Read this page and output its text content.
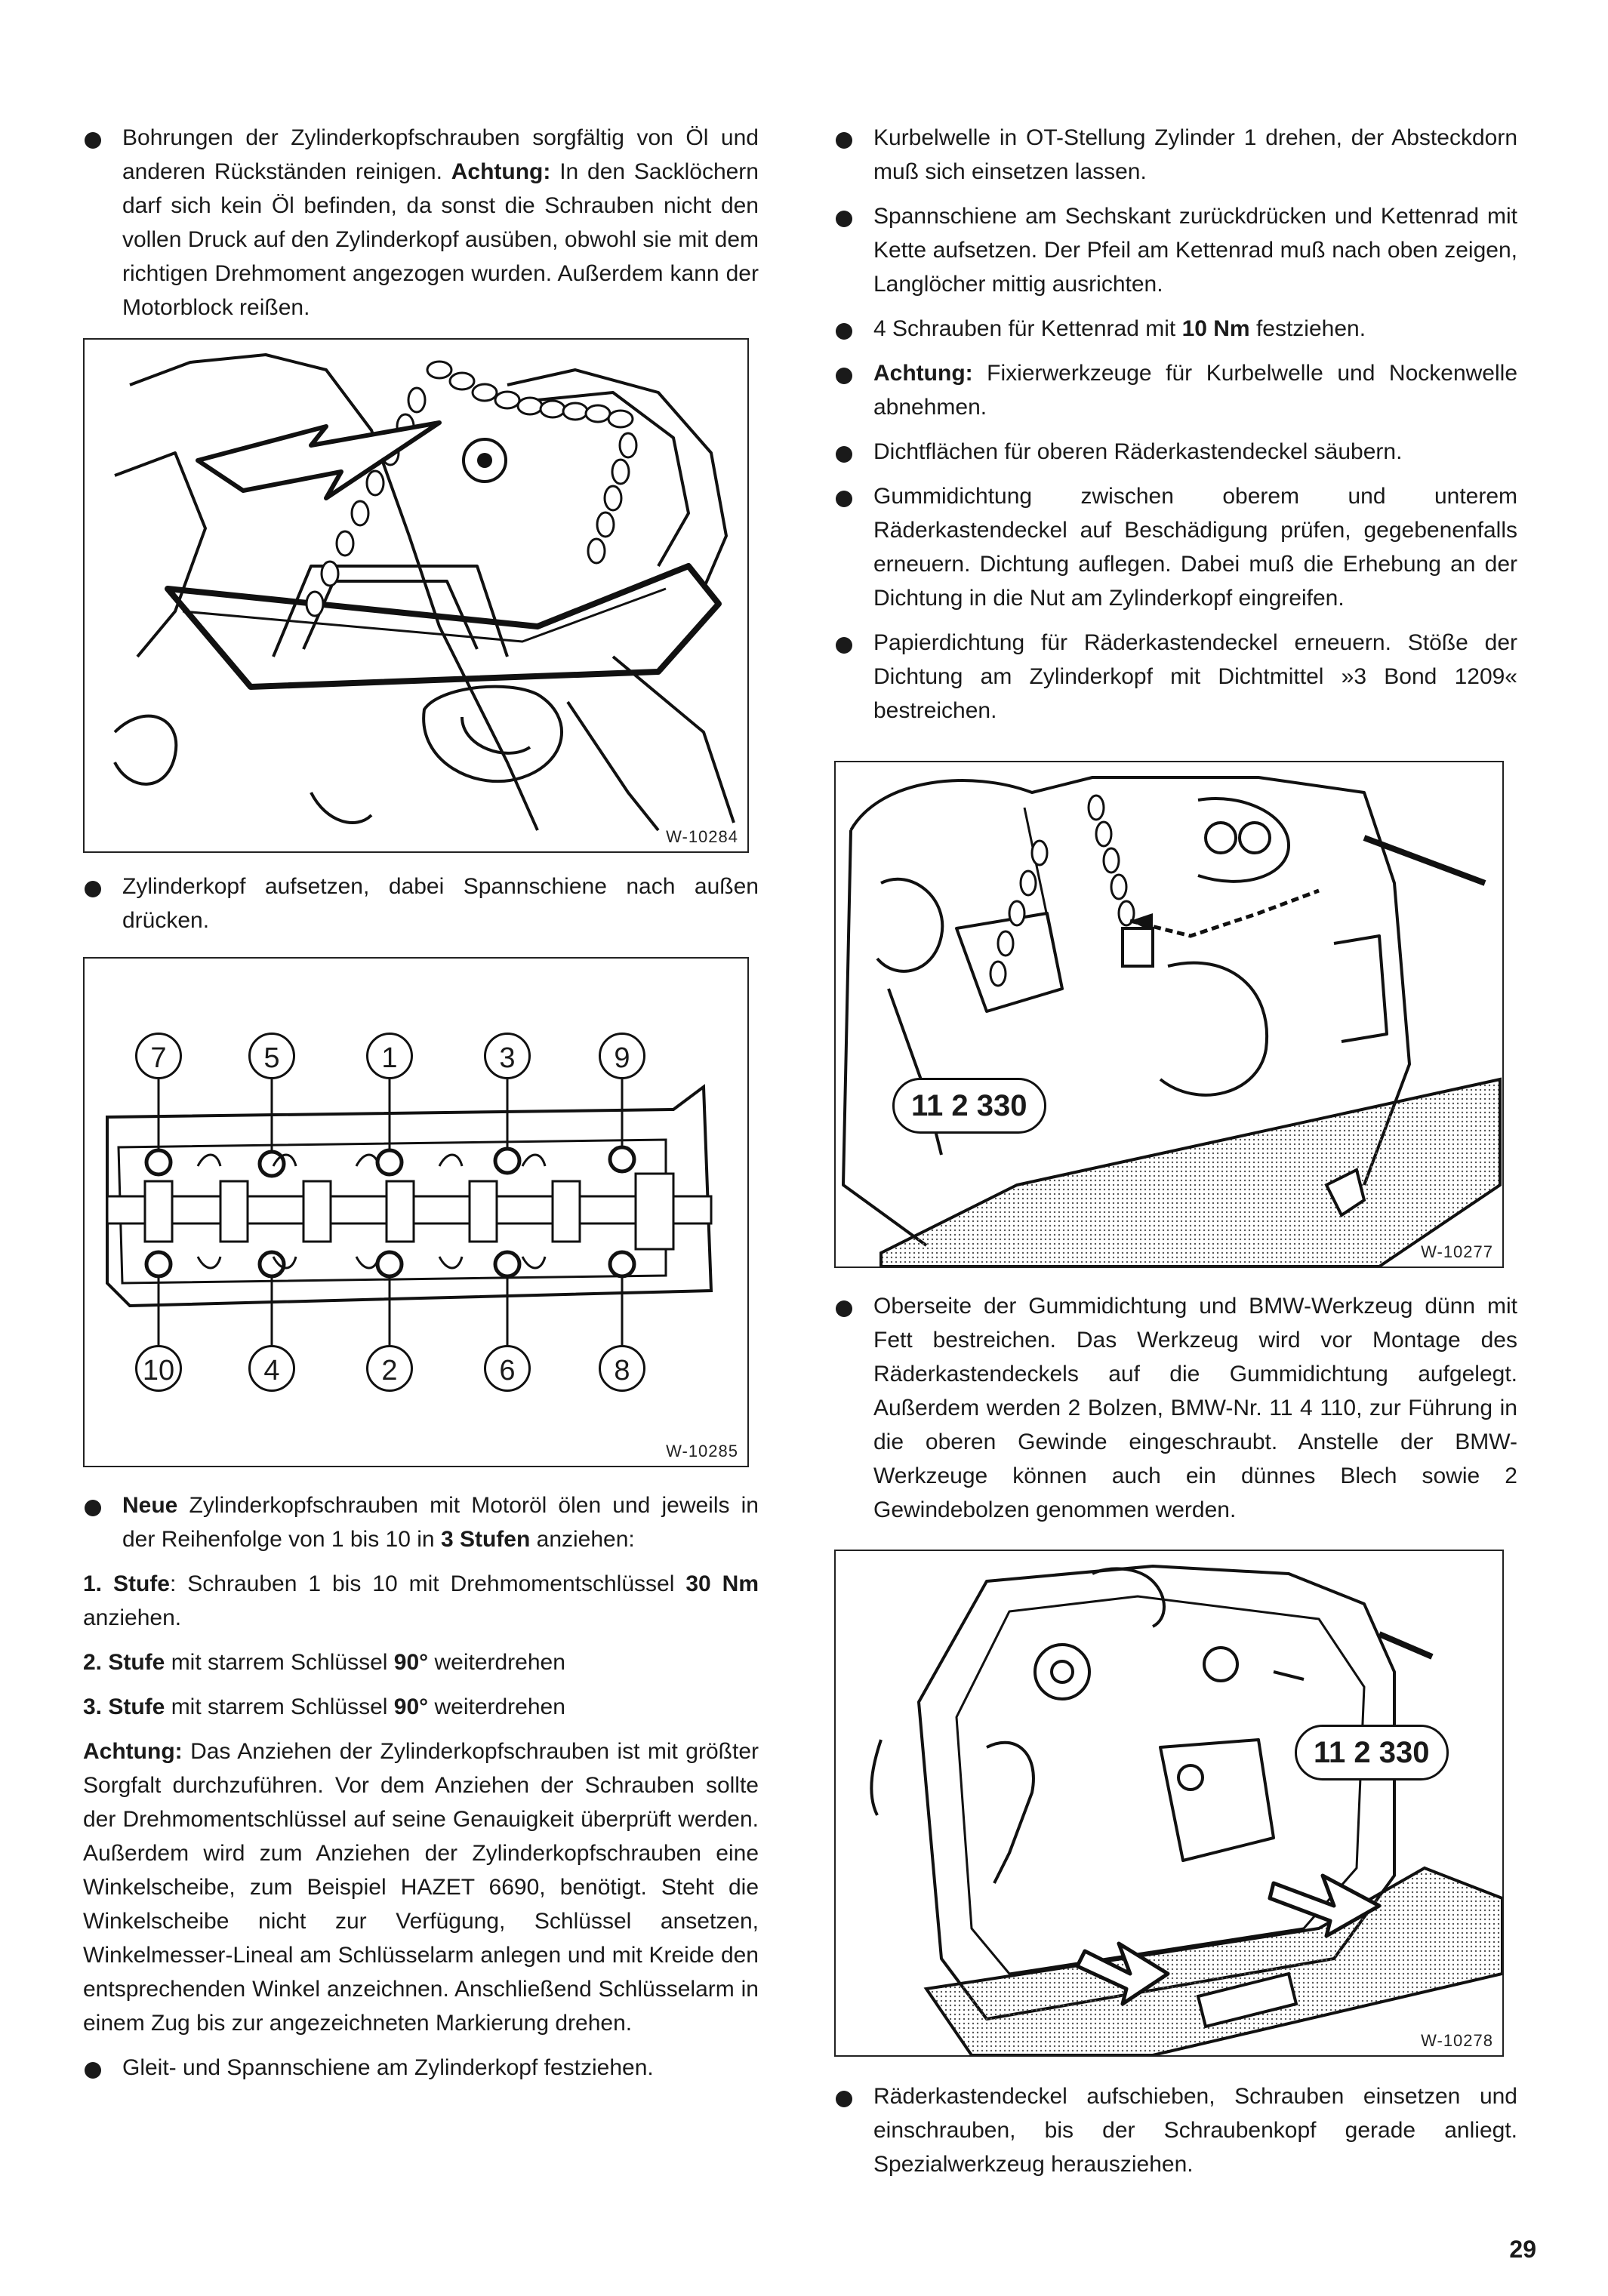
Bohrungen der Zylinderkopfschrauben sorgfältig von Öl und anderen Rückständen reinigen. Achtung: In den Sacklöchern darf sich kein Öl befinden, da sonst die Schrauben nicht den vollen Druck auf den Zylinderkopf ausüben, obwohl sie mit dem richtigen Drehmoment angezogen wurden. Außerdem kann der Motorblock reißen.
W-10284
Zylinderkopf aufsetzen, dabei Spannschiene nach außen drücken.
7	5	1	3	9
10	4	2	6	8
W-10285
Neue Zylinderkopfschrauben mit Motoröl ölen und jeweils in der Reihenfolge von 1 bis 10 in 3 Stufen anziehen:

1. Stufe: Schrauben 1 bis 10 mit Drehmomentschlüssel 30 Nm anziehen.

2. Stufe mit starrem Schlüssel 90° weiterdrehen

3. Stufe mit starrem Schlüssel 90° weiterdrehen

Achtung: Das Anziehen der Zylinderkopfschrauben ist mit größter Sorgfalt durchzuführen. Vor dem Anziehen der Schrauben sollte der Drehmomentschlüssel auf seine Genauigkeit überprüft werden. Außerdem wird zum Anziehen der Zylinderkopfschrauben eine Winkelscheibe, zum Beispiel HAZET 6690, benötigt. Steht die Winkelscheibe nicht zur Verfügung, Schlüssel ansetzen, Winkelmesser-Lineal am Schlüsselarm anlegen und mit Kreide den entsprechenden Winkel anzeichnen. Anschließend Schlüsselarm in einem Zug bis zur angezeichneten Markierung drehen.

Gleit- und Spannschiene am Zylinderkopf festziehen.
Kurbelwelle in OT-Stellung Zylinder 1 drehen, der Absteckdorn muß sich einsetzen lassen.
Spannschiene am Sechskant zurückdrücken und Kettenrad mit Kette aufsetzen. Der Pfeil am Kettenrad muß nach oben zeigen, Langlöcher mittig ausrichten.
4 Schrauben für Kettenrad mit 10 Nm festziehen.
Achtung: Fixierwerkzeuge für Kurbelwelle und Nockenwelle abnehmen.
Dichtflächen für oberen Räderkastendeckel säubern.
Gummidichtung zwischen oberem und unterem Räderkastendeckel auf Beschädigung prüfen, gegebenenfalls erneuern. Dichtung auflegen. Dabei muß die Erhebung an der Dichtung in die Nut am Zylinderkopf eingreifen.
Papierdichtung für Räderkastendeckel erneuern. Stöße der Dichtung am Zylinderkopf mit Dichtmittel »3 Bond 1209« bestreichen.
11 2 330
W-10277
Oberseite der Gummidichtung und BMW-Werkzeug dünn mit Fett bestreichen. Das Werkzeug wird vor Montage des Räderkastendeckels auf die Gummidichtung aufgelegt. Außerdem werden 2 Bolzen, BMW-Nr. 11 4 110, zur Führung in die oberen Gewinde eingeschraubt. Anstelle der BMW-Werkzeuge können auch ein dünnes Blech sowie 2 Gewindebolzen genommen werden.
11 2 330
W-10278
Räderkastendeckel aufschieben, Schrauben einsetzen und einschrauben, bis der Schraubenkopf gerade anliegt. Spezialwerkzeug herausziehen.
29
